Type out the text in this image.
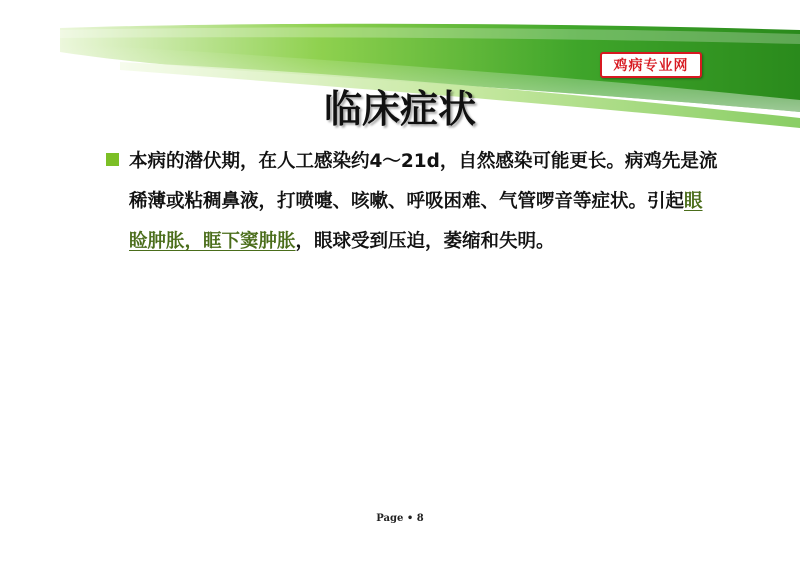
鸡病专业网
临床症状

本病的潜伏期，在人工感染约4～21d，自然感染可能更长。病鸡先是流稀薄或粘稠鼻液，打喷嚏、咳嗽、呼吸困难、气管啰音等症状。引起眼睑肿胀，眶下窦肿胀，眼球受到压迫，萎缩和失明。

Page • 8
